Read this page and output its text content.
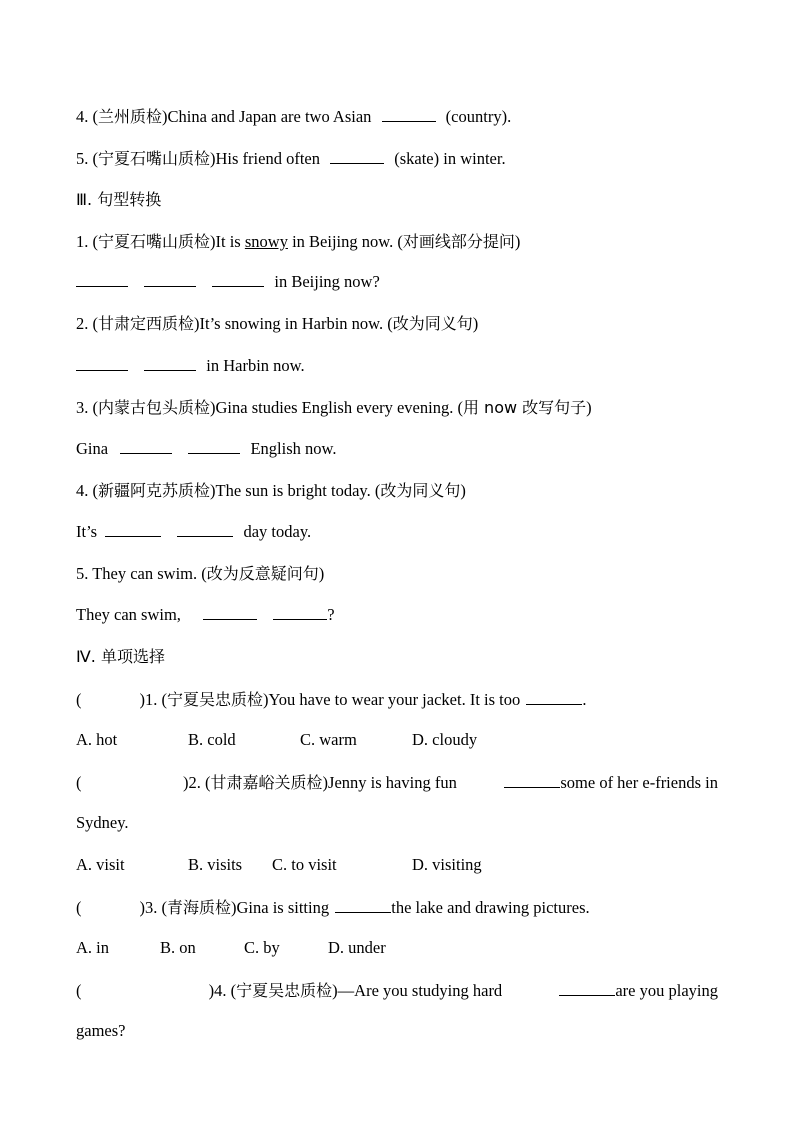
4. (兰州质检)China and Japan are two Asian	(country).
5. (宁夏石嘴山质检)His friend often	(skate) in winter.
Ⅲ. 句型转换
1. (宁夏石嘴山质检)It is snowy in Beijing now. (对画线部分提问)
in Beijing now?
2. (甘肃定西质检)It’s snowing in Harbin now. (改为同义句)
in Harbin now.
3. (内蒙古包头质检)Gina studies English every evening. (用 now 改写句子)
Gina	English now.
4. (新疆阿克苏质检)The sun is bright today. (改为同义句)
It’s	day today.
5. They can swim. (改为反意疑问句)
They can swim,	?
Ⅳ. 单项选择
(	)1. (宁夏吴忠质检)You have to wear your jacket. It is too	.
A. hot	B. cold	C. warm	D. cloudy
(	)2. (甘肃嘉峪关质检)Jenny is having fun	some of her e-friends in
Sydney.
A. visit	B. visits C. to visit	D. visiting
(	)3. (青海质检)Gina is sitting	the lake and drawing pictures.
A. in	B. on	C. by	D. under
(	)4. (宁夏吴忠质检)—Are you studying hard	are you playing
games?
